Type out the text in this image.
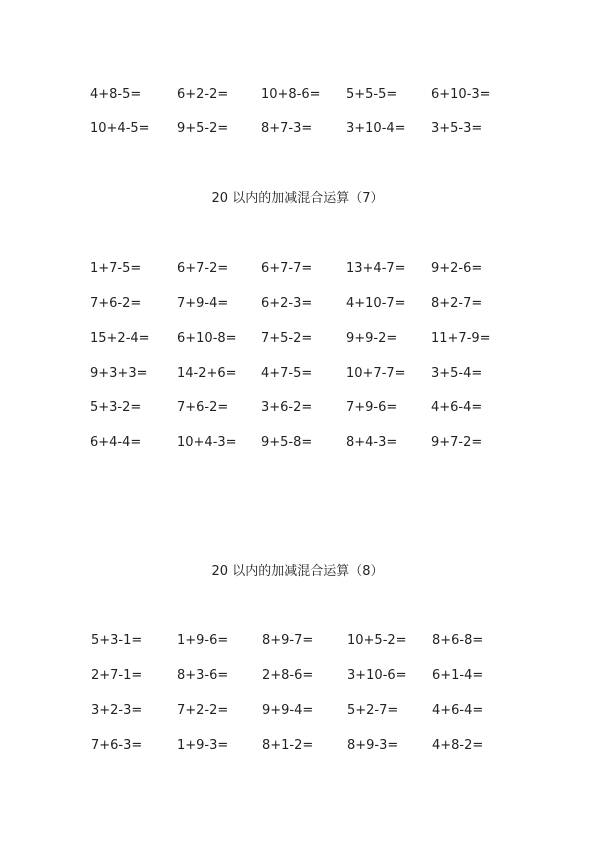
4+8-5=	6+2-2=	10+8-6= 5+5-5=	6+10-3=
10+4-5= 9+5-2=	8+7-3=	3+10-4= 3+5-3=
20 以内的加减混合运算（7）
1+7-5=	6+7-2=	6+7-7=	13+4-7= 9+2-6=
7+6-2=	7+9-4=	6+2-3=	4+10-7= 8+2-7=
15+2-4= 6+10-8= 7+5-2=	9+9-2=	11+7-9=
9+3+3= 14-2+6= 4+7-5=	10+7-7= 3+5-4=
5+3-2=	7+6-2=	3+6-2=	7+9-6=	4+6-4=
6+4-4=	10+4-3= 9+5-8=	8+4-3=	9+7-2=
20 以内的加减混合运算（8）
5+3-1=	1+9-6=	8+9-7=	10+5-2= 8+6-8=
2+7-1=	8+3-6=	2+8-6=	3+10-6= 6+1-4=
3+2-3=	7+2-2=	9+9-4=	5+2-7=	4+6-4=
7+6-3=	1+9-3=	8+1-2=	8+9-3=	4+8-2=
